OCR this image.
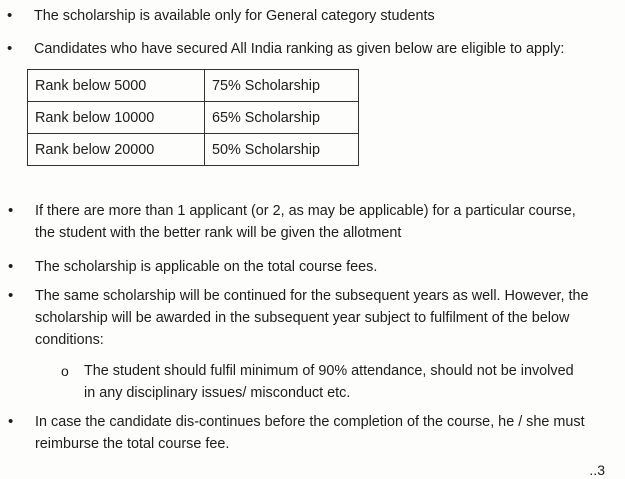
• The scholarship is available only for General category students
• Candidates who have secured All India ranking as given below are eligible to apply:
Rank below 5000	75% Scholarship
Rank below 10000	65% Scholarship
Rank below 20000	50% Scholarship
• If there are more than 1 applicant (or 2, as may be applicable) for a particular course,
the student with the better rank will be given the allotment
• The scholarship is applicable on the total course fees.
• The same scholarship will be continued for the subsequent years as well. However, the
scholarship will be awarded in the subsequent year subject to fulfilment of the below
conditions:
o The student should fulfil minimum of 90% attendance, should not be involved
in any disciplinary issues/ misconduct etc.
• In case the candidate dis-continues before the completion of the course, he / she must
reimburse the total course fee.
..3
